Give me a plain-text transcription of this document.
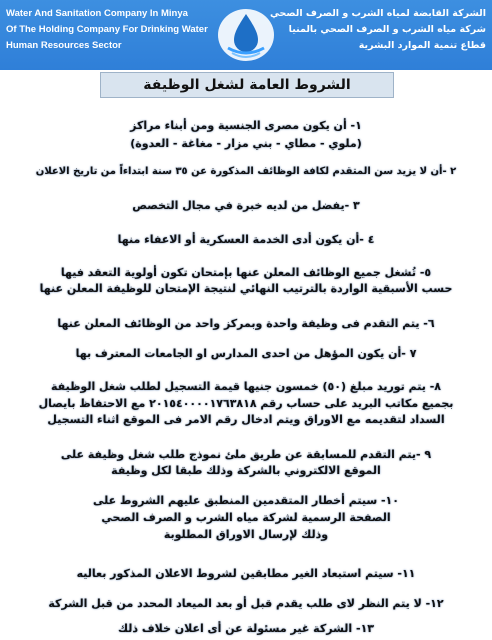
Water And Sanitation Company In Minya
Of The Holding Company For Drinking Water
Human Resources Sector
الشركة القابضة لمياه الشرب و الصرف الصحي
شركة مياه الشرب و الصرف الصحي بالمنيا
قطاع تنمية الموارد البشرية
الشروط العامة لشغل الوظيفة
١- أن يكون مصرى الجنسية ومن أبناء مراكز
(ملوي - مطاي - بني مزار - مغاغة - العدوة)
٢ -أن لا يزيد سن المتقدم لكافة الوظائف المذكورة عن ٣٥ سنة ابتداءاً من تاريخ الاعلان
٣ -يفضل من لديه خبرة في مجال التخصص
٤ -أن يكون أدى الخدمة العسكرية أو الاعفاء منها
٥- تُشغل جميع الوظائف المعلن عنها بإمتحان تكون أولوية التعقد فيها
حسب الأسبقية الواردة بالترتيب النهائي لنتيجة الإمتحان للوظيفة المعلن عنها
٦- يتم التقدم فى وظيفة واحدة وبمركز واحد من الوظائف المعلن عنها
٧ -أن يكون المؤهل من احدى المدارس او الجامعات المعترف بها
٨- يتم توريد مبلغ (٥٠) خمسون جنيها قيمة التسجيل لطلب شغل الوظيفة
بجميع مكاتب البريد على حساب رقم ٢٠١٥٤٠٠٠٠١٧٦٣٨١٨ مع الاحتفاظ بايصال
السداد لتقديمه مع الاوراق ويتم ادخال رقم الامر فى الموقع اثناء التسجيل
٩ -يتم التقدم للمسابقة عن طريق ملئ نموذج طلب شغل وظيفة على
الموقع الالكتروني بالشركة وذلك طبقا لكل وظيفة
١٠- سيتم أخطار المتقدمين المنطبق عليهم الشروط على
الصفحة الرسمية لشركة مياه الشرب و الصرف الصحي
وذلك لإرسال الاوراق المطلوبة
١١- سيتم استبعاد الغير مطابقين لشروط الاعلان المذكور بعاليه
١٢- لا يتم النظر لاى طلب يقدم قبل أو بعد الميعاد المحدد من قبل الشركة
١٣- الشركة غير مسئولة عن أى اعلان خلاف ذلك
